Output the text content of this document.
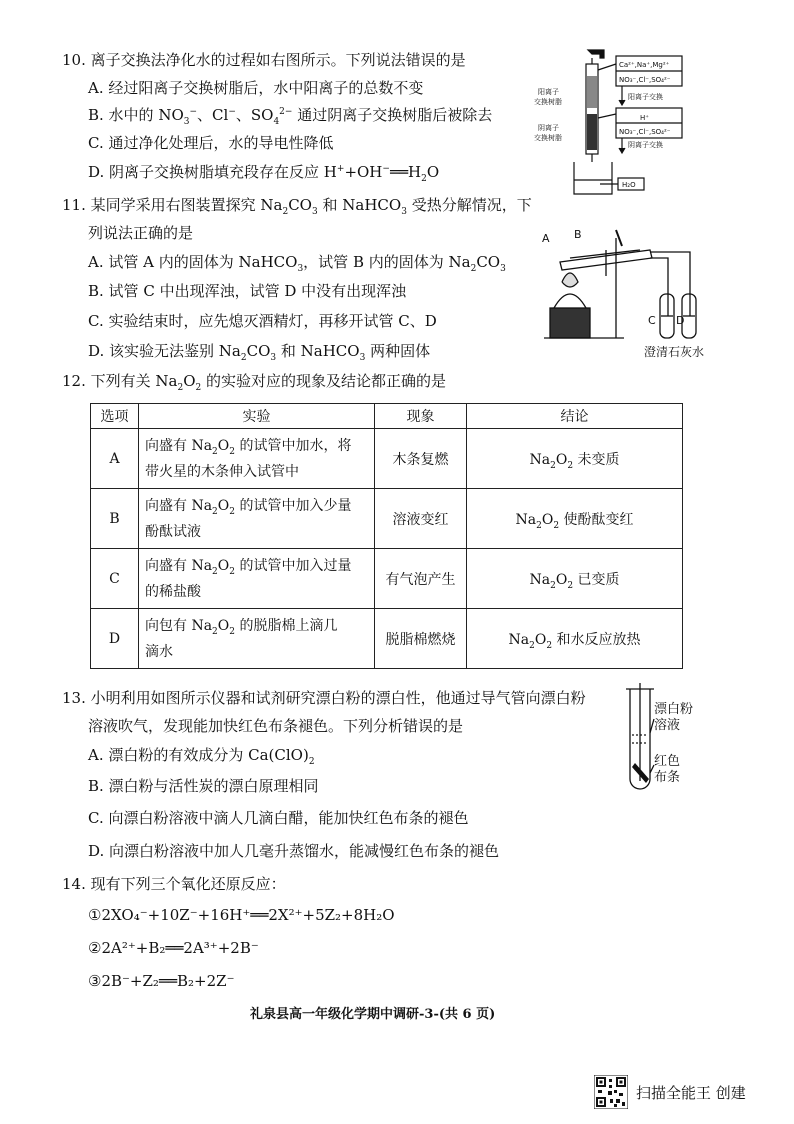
10. 离子交换法净化水的过程如右图所示。下列说法错误的是
A. 经过阳离子交换树脂后，水中阳离子的总数不变
B. 水中的 $NO_3^-$、Cl−、$SO_4^{2-}$ 通过阴离子交换树脂后被除去
C. 通过净化处理后，水的导电性降低
D. 阴离子交换树脂填充段存在反应 $H^++OH^-══H_2O$
Ca²⁺,Na⁺,Mg²⁺
NO₃⁻,Cl⁻,SO₄²⁻
H⁺
NO₃⁻,Cl⁻,SO₄²⁻
阳离子交换
阴离子交换
阳离子
交换树脂
阴离子
交换树脂
H₂O
11. 某同学采用右图装置探究 $Na_2CO_3$ 和 NaHCO$_3$ 受热分解情况，下
列说法正确的是
A. 试管 A 内的固体为 NaHCO$_3$，试管 B 内的固体为 $Na_2CO_3$
B. 试管 C 中出现浑浊，试管 D 中没有出现浑浊
C. 实验结束时，应先熄灭酒精灯，再移开试管 C、D
D. 该实验无法鉴别 $Na_2CO_3$ 和 NaHCO$_3$ 两种固体
A B
C D
澄清石灰水
12. 下列有关 $Na_2O_2$ 的实验对应的现象及结论都正确的是
选项	实验	现象	结论
A	向盛有 $Na_2O_2$ 的试管中加水，将
带火星的木条伸入试管中	木条复燃	$Na_2O_2$ 未变质
B	向盛有 $Na_2O_2$ 的试管中加入少量
酚酞试液	溶液变红	$Na_2O_2$ 使酚酞变红
C	向盛有 $Na_2O_2$ 的试管中加入过量
的稀盐酸	有气泡产生	$Na_2O_2$ 已变质
D	向包有 $Na_2O_2$ 的脱脂棉上滴几
滴水	脱脂棉燃烧	$Na_2O_2$ 和水反应放热
13. 小明利用如图所示仪器和试剂研究漂白粉的漂白性，他通过导气管向漂白粉
溶液吹气，发现能加快红色布条褪色。下列分析错误的是
A. 漂白粉的有效成分为 $Ca(ClO)_2$
B. 漂白粉与活性炭的漂白原理相同
C. 向漂白粉溶液中滴人几滴白醋，能加快红色布条的褪色
D. 向漂白粉溶液中加人几毫升蒸馏水，能减慢红色布条的褪色
漂白粉
溶液
红色
布条
14. 现有下列三个氧化还原反应：
①2XO₄⁻+10Z⁻+16H⁺══2X²⁺+5Z₂+8H₂O
②2A²⁺+B₂══2A³⁺+2B⁻
③2B⁻+Z₂══B₂+2Z⁻
礼泉县高一年级化学期中调研-3-(共 6 页)
扫描全能王 创建
